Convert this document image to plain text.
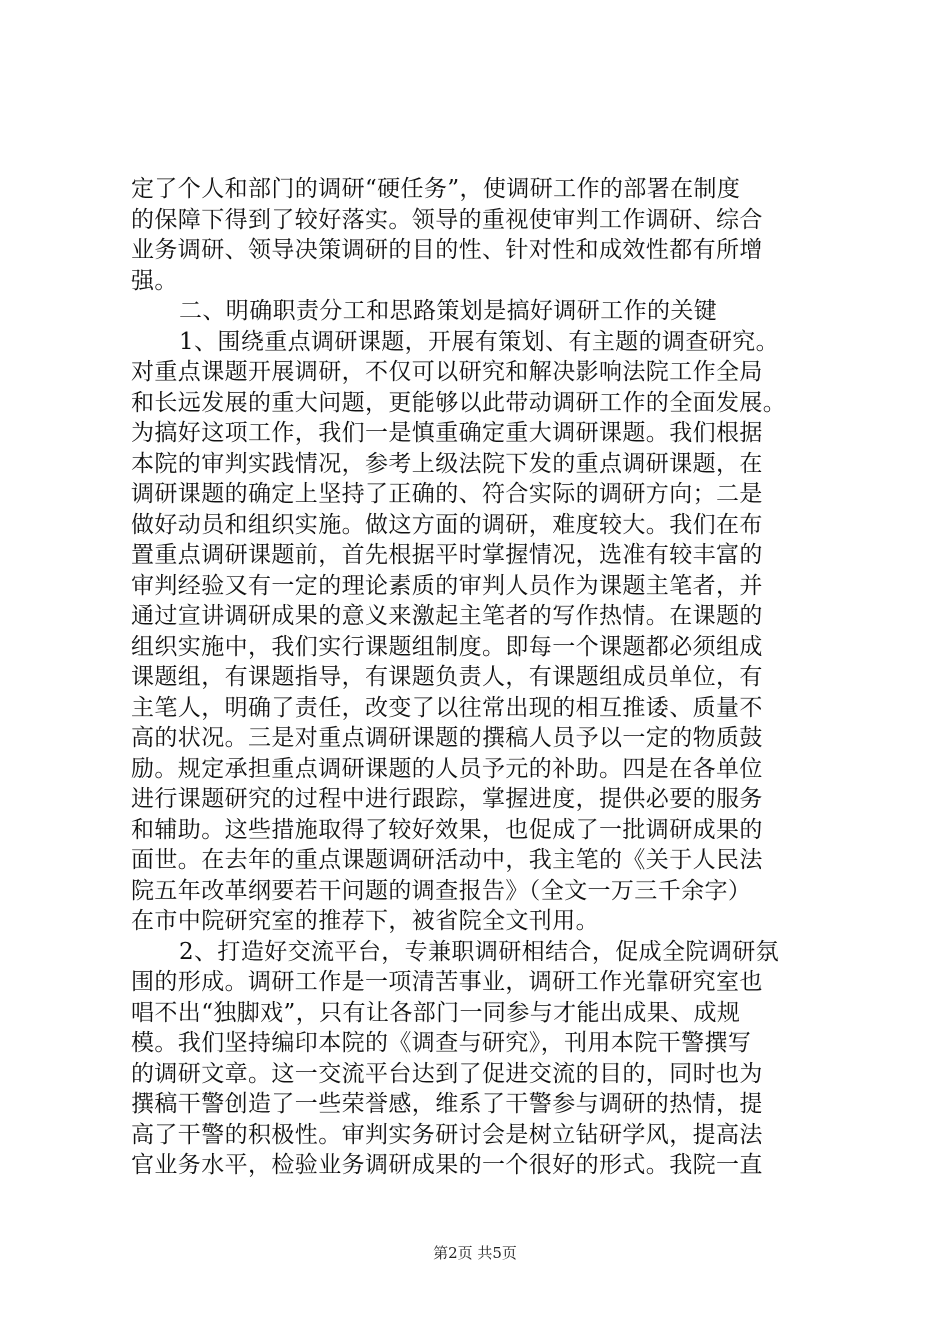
定了个人和部门的调研“硬任务”，使调研工作的部署在制度
的保障下得到了较好落实。领导的重视使审判工作调研、综合
业务调研、领导决策调研的目的性、针对性和成效性都有所增
强。
二、明确职责分工和思路策划是搞好调研工作的关键
1、围绕重点调研课题，开展有策划、有主题的调查研究。
对重点课题开展调研，不仅可以研究和解决影响法院工作全局
和长远发展的重大问题，更能够以此带动调研工作的全面发展。
为搞好这项工作，我们一是慎重确定重大调研课题。我们根据
本院的审判实践情况，参考上级法院下发的重点调研课题，在
调研课题的确定上坚持了正确的、符合实际的调研方向；二是
做好动员和组织实施。做这方面的调研，难度较大。我们在布
置重点调研课题前，首先根据平时掌握情况，选准有较丰富的
审判经验又有一定的理论素质的审判人员作为课题主笔者，并
通过宣讲调研成果的意义来激起主笔者的写作热情。在课题的
组织实施中，我们实行课题组制度。即每一个课题都必须组成
课题组，有课题指导，有课题负责人，有课题组成员单位，有
主笔人，明确了责任，改变了以往常出现的相互推诿、质量不
高的状况。三是对重点调研课题的撰稿人员予以一定的物质鼓
励。规定承担重点调研课题的人员予元的补助。四是在各单位
进行课题研究的过程中进行跟踪，掌握进度，提供必要的服务
和辅助。这些措施取得了较好效果，也促成了一批调研成果的
面世。在去年的重点课题调研活动中，我主笔的《关于人民法
院五年改革纲要若干问题的调查报告》（全文一万三千余字）
在市中院研究室的推荐下，被省院全文刊用。
2、打造好交流平台，专兼职调研相结合，促成全院调研氛
围的形成。调研工作是一项清苦事业，调研工作光靠研究室也
唱不出“独脚戏”，只有让各部门一同参与才能出成果、成规
模。我们坚持编印本院的《调查与研究》，刊用本院干警撰写
的调研文章。这一交流平台达到了促进交流的目的，同时也为
撰稿干警创造了一些荣誉感，维系了干警参与调研的热情，提
高了干警的积极性。审判实务研讨会是树立钻研学风，提高法
官业务水平，检验业务调研成果的一个很好的形式。我院一直
第2页 共5页
